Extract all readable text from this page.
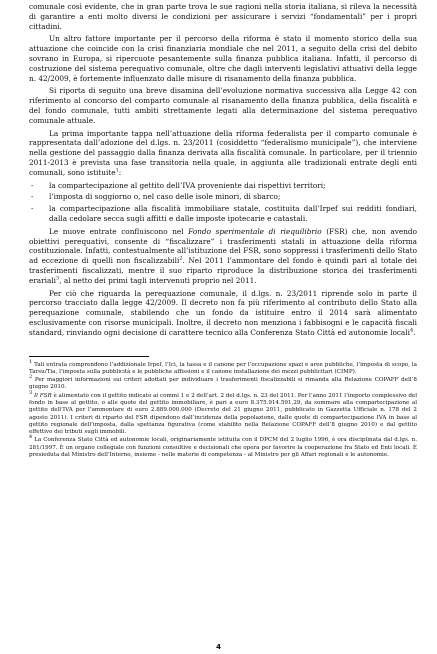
comunale così evidente, che in gran parte trova le sue ragioni nella storia italiana, si rileva la necessità di garantire a enti molto diversi le condizioni per assicurare i servizi “fondamentali” per i propri cittadini.

Un altro fattore importante per il percorso della riforma è stato il momento storico della sua attuazione che coincide con la crisi finanziaria mondiale che nel 2011, a seguito della crisi del debito sovrano in Europa, si ripercuote pesantemente sulla finanza pubblica italiana. Infatti, il percorso di costruzione del sistema perequativo comunale, oltre che dagli interventi legislativi attuativi della legge n. 42/2009, è fortemente influenzato dalle misure di risanamento della finanza pubblica.

Si riporta di seguito una breve disamina dell’evoluzione normativa successiva alla Legge 42 con riferimento al concorso del comparto comunale al risanamento della finanza pubblica, della fiscalità e del fondo comunale, tutti ambiti strettamente legati alla determinazione del sistema perequativo comunale attuale.

La prima importante tappa nell’attuazione della riforma federalista per il comparto comunale è rappresentata dall’adozione del d.lgs. n. 23/2011 (cosiddetto “federalismo municipale”), che interviene nella gestione del passaggio dalla finanza derivata alla fiscalità comunale. In particolare, per il triennio 2011-2013 è prevista una fase transitoria nella quale, in aggiunta alle tradizionali entrate degli enti comunali, sono istituite$^1$:

- la compartecipazione al gettito dell’IVA proveniente dai rispettivi territori;
- l’imposta di soggiorno o, nel caso delle isole minori, di sbarco;
- la compartecipazione alla fiscalità immobiliare statale, costituita dall’Irpef sui redditi fondiari, dalla cedolare secca sugli affitti e dalle imposte ipotecarie e catastali.

Le nuove entrate confluiscono nel Fondo sperimentale di riequilibrio (FSR) che, non avendo obiettivi perequativi, consente di “fiscalizzare” i trasferimenti statali in attuazione della riforma costituzionale. Infatti, contestualmente all’istituzione del FSR, sono soppressi i trasferimenti dello Stato ad eccezione di quelli non fiscalizzabili$^2$. Nel 2011 l’ammontare del fondo è quindi pari al totale dei trasferimenti fiscalizzati, mentre il suo riparto riproduce la distribuzione storica dei trasferimenti erariali$^3$, al netto dei primi tagli intervenuti proprio nel 2011.

Per ciò che riguarda la perequazione comunale, il d.lgs. n. 23/2011 riprende solo in parte il percorso tracciato dalla legge 42/2009. Il decreto non fa più riferimento al contributo dello Stato alla perequazione comunale, stabilendo che un fondo da istituire entro il 2014 sarà alimentato esclusivamente con risorse municipali. Inoltre, il decreto non menziona i fabbisogni e le capacità fiscali standard, rinviando ogni decisione di carattere tecnico alla Conferenza Stato Città ed autonomie locali$^4$.

$^1$ Tali entrata comprendono l’addizionale Irpef, l’Ici, la tassa e il canone per l’occupazione spazi e aree pubbliche, l’imposta di scopo, la Tarsu/Tia, l’imposta sulla pubblicità e le pubbliche affissioni e il canone installazione dei mezzi pubblicitari (CIMP).

$^2$ Per maggiori informazioni sui criteri adottati per individuare i trasferimenti fiscalizzabili si rimanda alla Relazione COPAFF dell’8 giugno 2010.

$^3$ Il FSR è alimentato con il gettito indicato ai commi 1 e 2 dell’art. 2 del d.lgs. n. 23 del 2011. Per l’anno 2011 l’importo complessivo del fondo in base al gettito, o alle quote del gettito immobiliare, è pari a euro 8.375.914.591,29, da sommare alla compartecipazione al gettito dell’IVA per l’ammontare di euro 2.889.000.000 (Decreto del 21 giugno 2011, pubblicato in Gazzetta Ufficiale n. 178 del 2 agosto 2011). I criteri di riparto del FSR dipendono dall’incidenza della popolazione, dalle quote di compartecipazione IVA in base al gettito regionale dell’imposta, dalla spettanza figurativa (come stabilito nella Relazione COPAFF dell’8 giugno 2010) e dal gettito effettivo dei tributi sugli immobili.

$^4$ La Conferenza Stato Città ed autonomie locali, originariamente istituita con il DPCM del 2 luglio 1996, è ora disciplinata dal d.lgs. n. 281/1997. È un organo collegiale con funzioni consultive e decisionali che opera per favorire la cooperazione fra Stato ed Enti locali. È presieduta dal Ministro dell’Interno, insieme - nelle materie di competenza - al Ministro per gli Affari regionali e le autonomie.

4
